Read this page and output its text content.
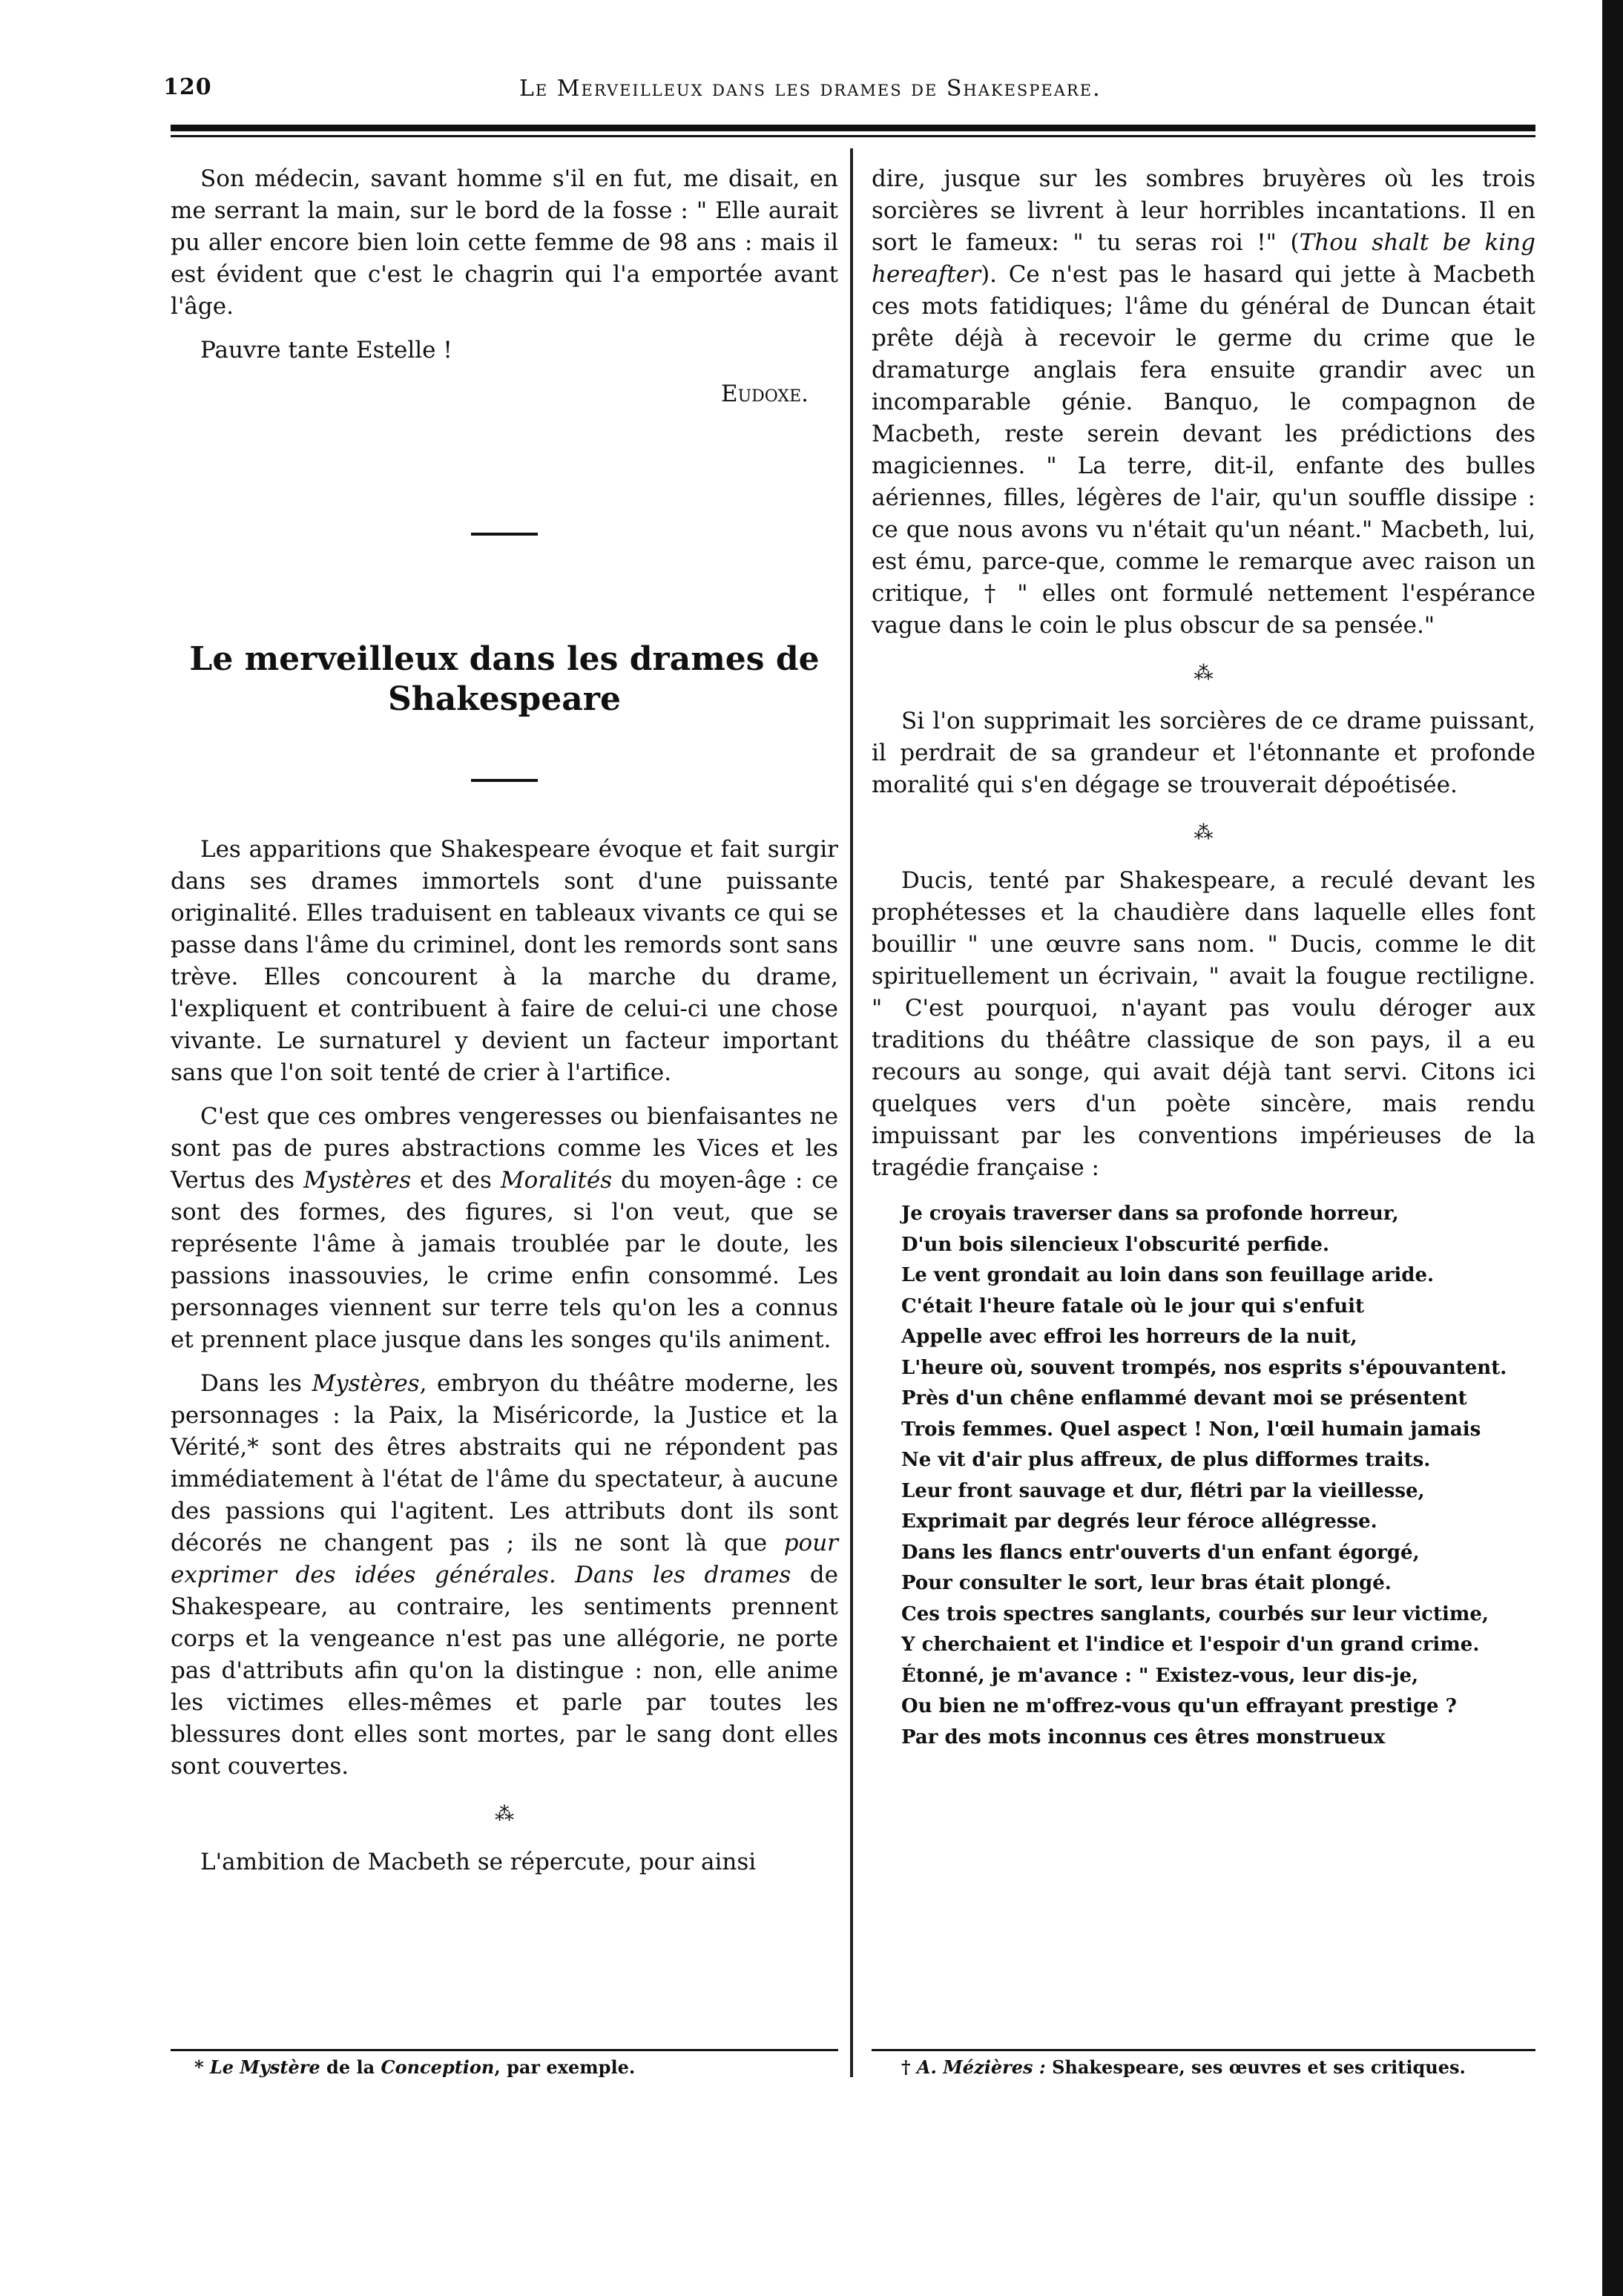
120	Le Merveilleux dans les drames de Shakespeare.

Son médecin, savant homme s'il en fut, me disait, en me serrant la main, sur le bord de la fosse : " Elle aurait pu aller encore bien loin cette femme de 98 ans : mais il est évident que c'est le chagrin qui l'a emportée avant l'âge.

Pauvre tante Estelle !

Eudoxe.

Le merveilleux dans les drames de Shakespeare

Les apparitions que Shakespeare évoque et fait surgir dans ses drames immortels sont d'une puissante originalité. Elles traduisent en tableaux vivants ce qui se passe dans l'âme du criminel, dont les remords sont sans trève. Elles concourent à la marche du drame, l'expliquent et contribuent à faire de celui-ci une chose vivante. Le surnaturel y devient un facteur important sans que l'on soit tenté de crier à l'artifice.

C'est que ces ombres vengeresses ou bienfaisantes ne sont pas de pures abstractions comme les Vices et les Vertus des Mystères et des Moralités du moyen-âge : ce sont des formes, des figures, si l'on veut, que se représente l'âme à jamais troublée par le doute, les passions inassouvies, le crime enfin consommé. Les personnages viennent sur terre tels qu'on les a connus et prennent place jusque dans les songes qu'ils animent.

Dans les Mystères, embryon du théâtre moderne, les personnages : la Paix, la Miséricorde, la Justice et la Vérité,* sont des êtres abstraits qui ne répondent pas immédiatement à l'état de l'âme du spectateur, à aucune des passions qui l'agitent. Les attributs dont ils sont décorés ne changent pas ; ils ne sont là que pour exprimer des idées générales. Dans les drames de Shakespeare, au contraire, les sentiments prennent corps et la vengeance n'est pas une allégorie, ne porte pas d'attributs afin qu'on la distingue : non, elle anime les victimes elles-mêmes et parle par toutes les blessures dont elles sont mortes, par le sang dont elles sont couvertes.

⁂

L'ambition de Macbeth se répercute, pour ainsi

* Le Mystère de la Conception, par exemple.

dire, jusque sur les sombres bruyères où les trois sorcières se livrent à leur horribles incantations. Il en sort le fameux: " tu seras roi !" (Thou shalt be king hereafter). Ce n'est pas le hasard qui jette à Macbeth ces mots fatidiques; l'âme du général de Duncan était prête déjà à recevoir le germe du crime que le dramaturge anglais fera ensuite grandir avec un incomparable génie. Banquo, le compagnon de Macbeth, reste serein devant les prédictions des magiciennes. " La terre, dit-il, enfante des bulles aériennes, filles, légères de l'air, qu'un souffle dissipe : ce que nous avons vu n'était qu'un néant." Macbeth, lui, est ému, parce-que, comme le remarque avec raison un critique, † " elles ont formulé nettement l'espérance vague dans le coin le plus obscur de sa pensée."

⁂

Si l'on supprimait les sorcières de ce drame puissant, il perdrait de sa grandeur et l'étonnante et profonde moralité qui s'en dégage se trouverait dépoétisée.

⁂

Ducis, tenté par Shakespeare, a reculé devant les prophétesses et la chaudière dans laquelle elles font bouillir " une œuvre sans nom. " Ducis, comme le dit spirituellement un écrivain, " avait la fougue rectiligne. " C'est pourquoi, n'ayant pas voulu déroger aux traditions du théâtre classique de son pays, il a eu recours au songe, qui avait déjà tant servi. Citons ici quelques vers d'un poète sincère, mais rendu impuissant par les conventions impérieuses de la tragédie française :

Je croyais traverser dans sa profonde horreur,
D'un bois silencieux l'obscurité perfide.
Le vent grondait au loin dans son feuillage aride.
C'était l'heure fatale où le jour qui s'enfuit
Appelle avec effroi les horreurs de la nuit,
L'heure où, souvent trompés, nos esprits s'épouvantent.
Près d'un chêne enflammé devant moi se présentent
Trois femmes. Quel aspect ! Non, l'œil humain jamais
Ne vit d'air plus affreux, de plus difformes traits.
Leur front sauvage et dur, flétri par la vieillesse,
Exprimait par degrés leur féroce allégresse.
Dans les flancs entr'ouverts d'un enfant égorgé,
Pour consulter le sort, leur bras était plongé.
Ces trois spectres sanglants, courbés sur leur victime,
Y cherchaient et l'indice et l'espoir d'un grand crime.
Étonné, je m'avance : " Existez-vous, leur dis-je,
Ou bien ne m'offrez-vous qu'un effrayant prestige ?
Par des mots inconnus ces êtres monstrueux
† A. Mézières : Shakespeare, ses œuvres et ses critiques.
